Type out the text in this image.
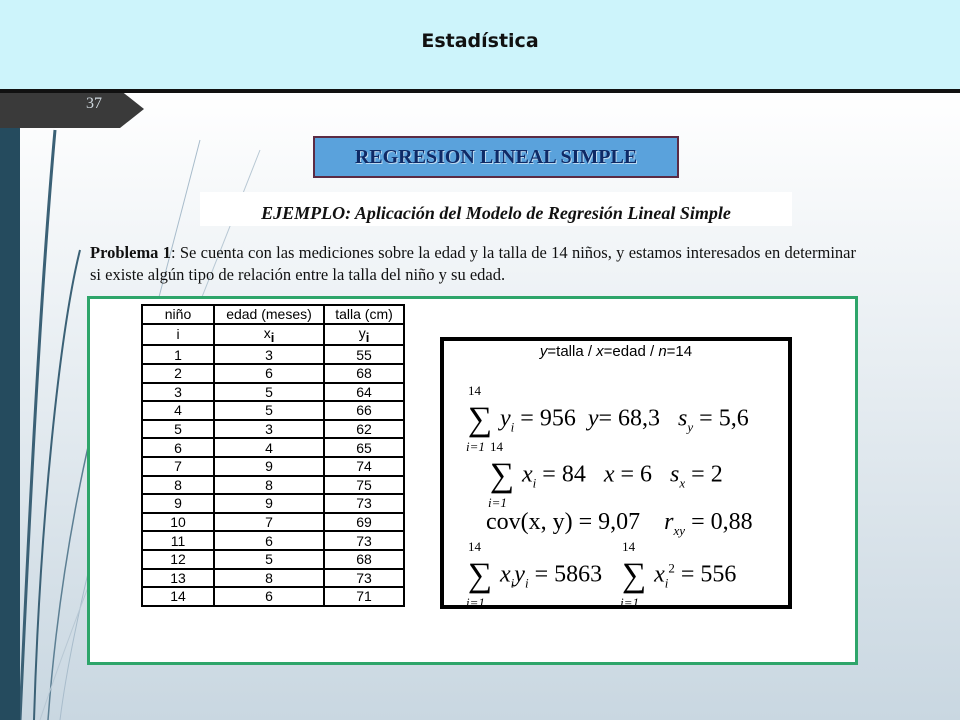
Estadística
37
REGRESION LINEAL SIMPLE
EJEMPLO: Aplicación del Modelo de Regresión Lineal Simple
Problema 1: Se cuenta con las mediciones sobre la edad y la talla de 14 niños, y estamos interesados en determinar si existe algún tipo de relación entre la talla del niño y su edad.
niño	edad (meses)	talla (cm)
i	$x_i$	$y_i$
1	3	55
2	6	68
3	5	64
4	5	66
5	3	62
6	4	65
7	9	74
8	8	75
9	9	73
10	7	69
11	6	73
12	5	68
13	8	73
14	6	71
y=talla / x=edad / n=14
∑
14
i=1
$y_i = 956$ y= 68,3 $s_y = 5,6$
∑
14
i=1
$x_i = 84$ x = 6 $s_x = 2$
cov(x, y) = 9,07 $r_{xy} = 0,88$
∑
14
i=1
$x_iy_i = 5863$ ∑
14
i=1
$x_i^2 = 556$
